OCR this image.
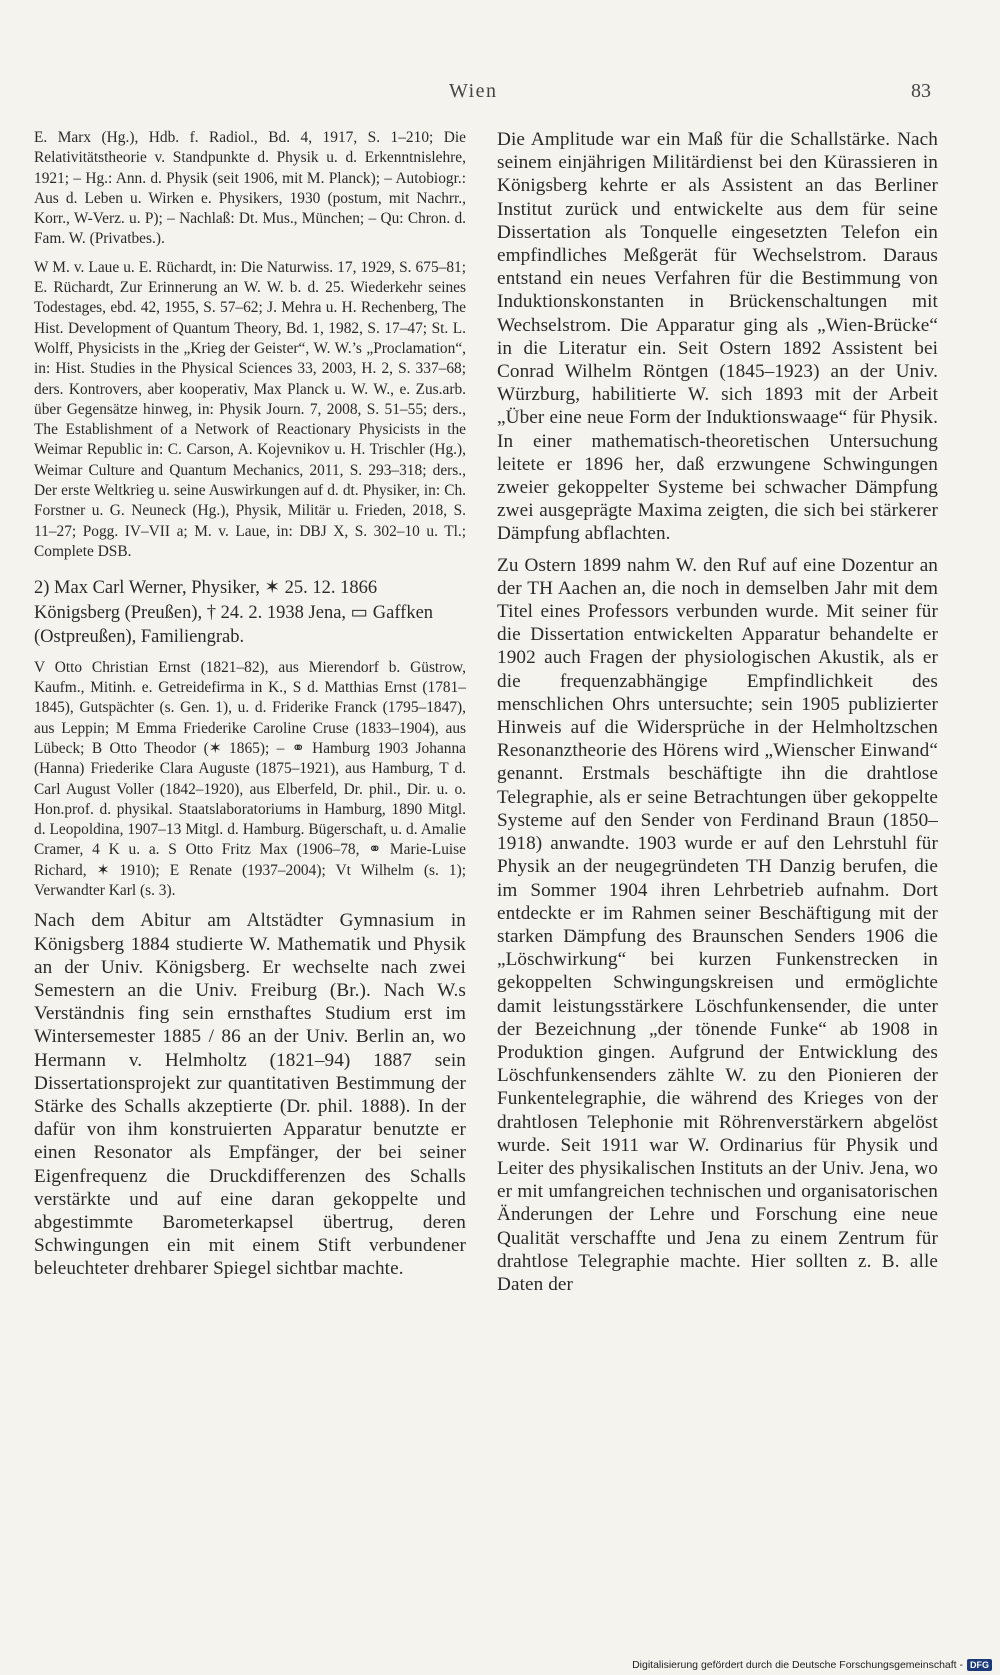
Wien	83

E. Marx (Hg.), Hdb. f. Radiol., Bd. 4, 1917, S. 1–210; Die Relativitätstheorie v. Standpunkte d. Physik u. d. Erkenntnislehre, 1921; – Hg.: Ann. d. Physik (seit 1906, mit M. Planck); – Autobiogr.: Aus d. Leben u. Wirken e. Physikers, 1930 (postum, mit Nachrr., Korr., W-Verz. u. P); – Nachlaß: Dt. Mus., München; – Qu: Chron. d. Fam. W. (Privatbes.).

W M. v. Laue u. E. Rüchardt, in: Die Naturwiss. 17, 1929, S. 675–81; E. Rüchardt, Zur Erinnerung an W. W. b. d. 25. Wiederkehr seines Todestages, ebd. 42, 1955, S. 57–62; J. Mehra u. H. Rechenberg, The Hist. Development of Quantum Theory, Bd. 1, 1982, S. 17–47; St. L. Wolff, Physicists in the „Krieg der Geister“, W. W.’s „Proclamation“, in: Hist. Studies in the Physical Sciences 33, 2003, H. 2, S. 337–68; ders. Kontrovers, aber kooperativ, Max Planck u. W. W., e. Zus.arb. über Gegensätze hinweg, in: Physik Journ. 7, 2008, S. 51–55; ders., The Establishment of a Network of Reactionary Physicists in the Weimar Republic in: C. Carson, A. Kojevnikov u. H. Trischler (Hg.), Weimar Culture and Quantum Mechanics, 2011, S. 293–318; ders., Der erste Weltkrieg u. seine Auswirkungen auf d. dt. Physiker, in: Ch. Forstner u. G. Neuneck (Hg.), Physik, Militär u. Frieden, 2018, S. 11–27; Pogg. IV–VII a; M. v. Laue, in: DBJ X, S. 302–10 u. Tl.; Complete DSB.

2) Max Carl Werner, Physiker, ✶ 25. 12. 1866 Königsberg (Preußen), † 24. 2. 1938 Jena, ▭ Gaffken (Ostpreußen), Familiengrab.

V Otto Christian Ernst (1821–82), aus Mierendorf b. Güstrow, Kaufm., Mitinh. e. Getreidefirma in K., S d. Matthias Ernst (1781–1845), Gutspächter (s. Gen. 1), u. d. Friderike Franck (1795–1847), aus Leppin; M Emma Friederike Caroline Cruse (1833–1904), aus Lübeck; B Otto Theodor (✶ 1865); – ⚭ Hamburg 1903 Johanna (Hanna) Friederike Clara Auguste (1875–1921), aus Hamburg, T d. Carl August Voller (1842–1920), aus Elberfeld, Dr. phil., Dir. u. o. Hon.prof. d. physikal. Staatslaboratoriums in Hamburg, 1890 Mitgl. d. Leopoldina, 1907–13 Mitgl. d. Hamburg. Bügerschaft, u. d. Amalie Cramer, 4 K u. a. S Otto Fritz Max (1906–78, ⚭ Marie-Luise Richard, ✶ 1910); E Renate (1937–2004); Vt Wilhelm (s. 1); Verwandter Karl (s. 3).

Nach dem Abitur am Altstädter Gymnasium in Königsberg 1884 studierte W. Mathematik und Physik an der Univ. Königsberg. Er wechselte nach zwei Semestern an die Univ. Freiburg (Br.). Nach W.s Verständnis fing sein ernsthaftes Studium erst im Wintersemester 1885 / 86 an der Univ. Berlin an, wo Hermann v. Helmholtz (1821–94) 1887 sein Dissertationsprojekt zur quantitativen Bestimmung der Stärke des Schalls akzeptierte (Dr. phil. 1888). In der dafür von ihm konstruierten Apparatur benutzte er einen Resonator als Empfänger, der bei seiner Eigenfrequenz die Druckdifferenzen des Schalls verstärkte und auf eine daran gekoppelte und abgestimmte Barometerkapsel übertrug, deren Schwingungen ein mit einem Stift verbundener beleuchteter drehbarer Spiegel sichtbar machte.

Die Amplitude war ein Maß für die Schallstärke. Nach seinem einjährigen Militärdienst bei den Kürassieren in Königsberg kehrte er als Assistent an das Berliner Institut zurück und entwickelte aus dem für seine Dissertation als Tonquelle eingesetzten Telefon ein empfindliches Meßgerät für Wechselstrom. Daraus entstand ein neues Verfahren für die Bestimmung von Induktionskonstanten in Brückenschaltungen mit Wechselstrom. Die Apparatur ging als „Wien-Brücke“ in die Literatur ein. Seit Ostern 1892 Assistent bei Conrad Wilhelm Röntgen (1845–1923) an der Univ. Würzburg, habilitierte W. sich 1893 mit der Arbeit „Über eine neue Form der Induktionswaage“ für Physik. In einer mathematisch-theoretischen Untersuchung leitete er 1896 her, daß erzwungene Schwingungen zweier gekoppelter Systeme bei schwacher Dämpfung zwei ausgeprägte Maxima zeigten, die sich bei stärkerer Dämpfung abflachten.

Zu Ostern 1899 nahm W. den Ruf auf eine Dozentur an der TH Aachen an, die noch in demselben Jahr mit dem Titel eines Professors verbunden wurde. Mit seiner für die Dissertation entwickelten Apparatur behandelte er 1902 auch Fragen der physiologischen Akustik, als er die frequenzabhängige Empfindlichkeit des menschlichen Ohrs untersuchte; sein 1905 publizierter Hinweis auf die Widersprüche in der Helmholtzschen Resonanztheorie des Hörens wird „Wienscher Einwand“ genannt. Erstmals beschäftigte ihn die drahtlose Telegraphie, als er seine Betrachtungen über gekoppelte Systeme auf den Sender von Ferdinand Braun (1850–1918) anwandte. 1903 wurde er auf den Lehrstuhl für Physik an der neugegründeten TH Danzig berufen, die im Sommer 1904 ihren Lehrbetrieb aufnahm. Dort entdeckte er im Rahmen seiner Beschäftigung mit der starken Dämpfung des Braunschen Senders 1906 die „Löschwirkung“ bei kurzen Funkenstrecken in gekoppelten Schwingungskreisen und ermöglichte damit leistungsstärkere Löschfunkensender, die unter der Bezeichnung „der tönende Funke“ ab 1908 in Produktion gingen. Aufgrund der Entwicklung des Löschfunkensenders zählte W. zu den Pionieren der Funkentelegraphie, die während des Krieges von der drahtlosen Telephonie mit Röhrenverstärkern abgelöst wurde. Seit 1911 war W. Ordinarius für Physik und Leiter des physikalischen Instituts an der Univ. Jena, wo er mit umfangreichen technischen und organisatorischen Änderungen der Lehre und Forschung eine neue Qualität verschaffte und Jena zu einem Zentrum für drahtlose Telegraphie machte. Hier sollten z. B. alle Daten der

Digitalisierung gefördert durch die Deutsche Forschungsgemeinschaft - DFG
